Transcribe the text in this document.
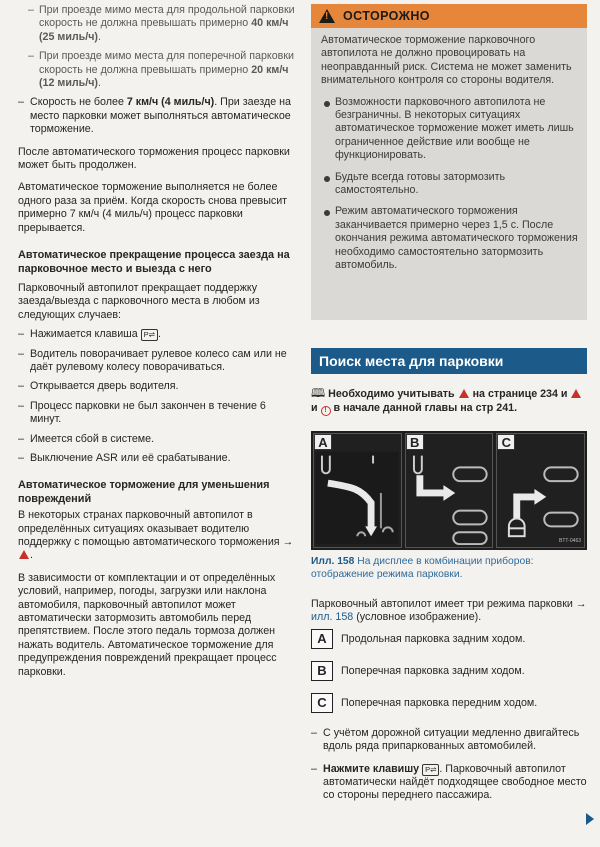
– При проезде мимо места для продольной парковки скорость не должна превышать примерно 40 км/ч (25 миль/ч).
– При проезде мимо места для поперечной парковки скорость не должна превышать примерно 20 км/ч (12 миль/ч).
– Скорость не более 7 км/ч (4 миль/ч). При заезде на место парковки может выполняться автоматическое торможение.

После автоматического торможения процесс парковки может быть продолжен.

Автоматическое торможение выполняется не более одного раза за приём. Когда скорость снова превысит примерно 7 км/ч (4 миль/ч) процесс парковки прерывается.

Автоматическое прекращение процесса заезда на парковочное место и выезда с него

Парковочный автопилот прекращает поддержку заезда/выезда с парковочного места в любом из следующих случаев:

– Нажимается клавиша P⇌ .
– Водитель поворачивает рулевое колесо сам или не даёт рулевому колесу поворачиваться.
– Открывается дверь водителя.
– Процесс парковки не был закончен в течение 6 минут.
– Имеется сбой в системе.
– Выключение ASR или её срабатывание.
Автоматическое торможение для уменьшения повреждений

В некоторых странах парковочный автопилот в определённых ситуациях оказывает водителю поддержку с помощью автоматического торможения → .

В зависимости от комплектации и от определённых условий, например, погоды, загрузки или наклона автомобиля, парковочный автопилот может автоматически затормозить автомобиль перед препятствием. После этого педаль тормоза должен нажать водитель. Автоматическое торможение для предупреждения повреждений прекращает процесс парковки.

! ОСТОРОЖНО

Автоматическое торможение парковочного автопилота не должно провоцировать на неоправданный риск. Система не может заменить внимательного контроля со стороны водителя.

Возможности парковочного автопилота не безграничны. В некоторых ситуациях автоматическое торможение может иметь лишь ограниченное действие или вообще не функционировать.
Будьте всегда готовы затормозить самостоятельно.
Режим автоматического торможения заканчивается примерно через 1,5 с. После окончания режима автоматического торможения необходимо самостоятельно затормозить автомобиль.
Поиск места для парковки
🕮 Необходимо учитывать на странице 234 и  и ! в начале данной главы на стр 241.
A	B	C
BTT-0463
Илл. 158 На дисплее в комбинации приборов: отображение режима парковки.

Парковочный автопилот имеет три режима парковки → илл. 158 (условное изображение).

A	Продольная парковка задним ходом.
B	Поперечная парковка задним ходом.
C	Поперечная парковка передним ходом.
– С учётом дорожной ситуации медленно двигайтесь вдоль ряда припаркованных автомобилей.
– Нажмите клавишу P⇌ . Парковочный автопилот автоматически найдёт подходящее свободное место со стороны переднего пассажира.
